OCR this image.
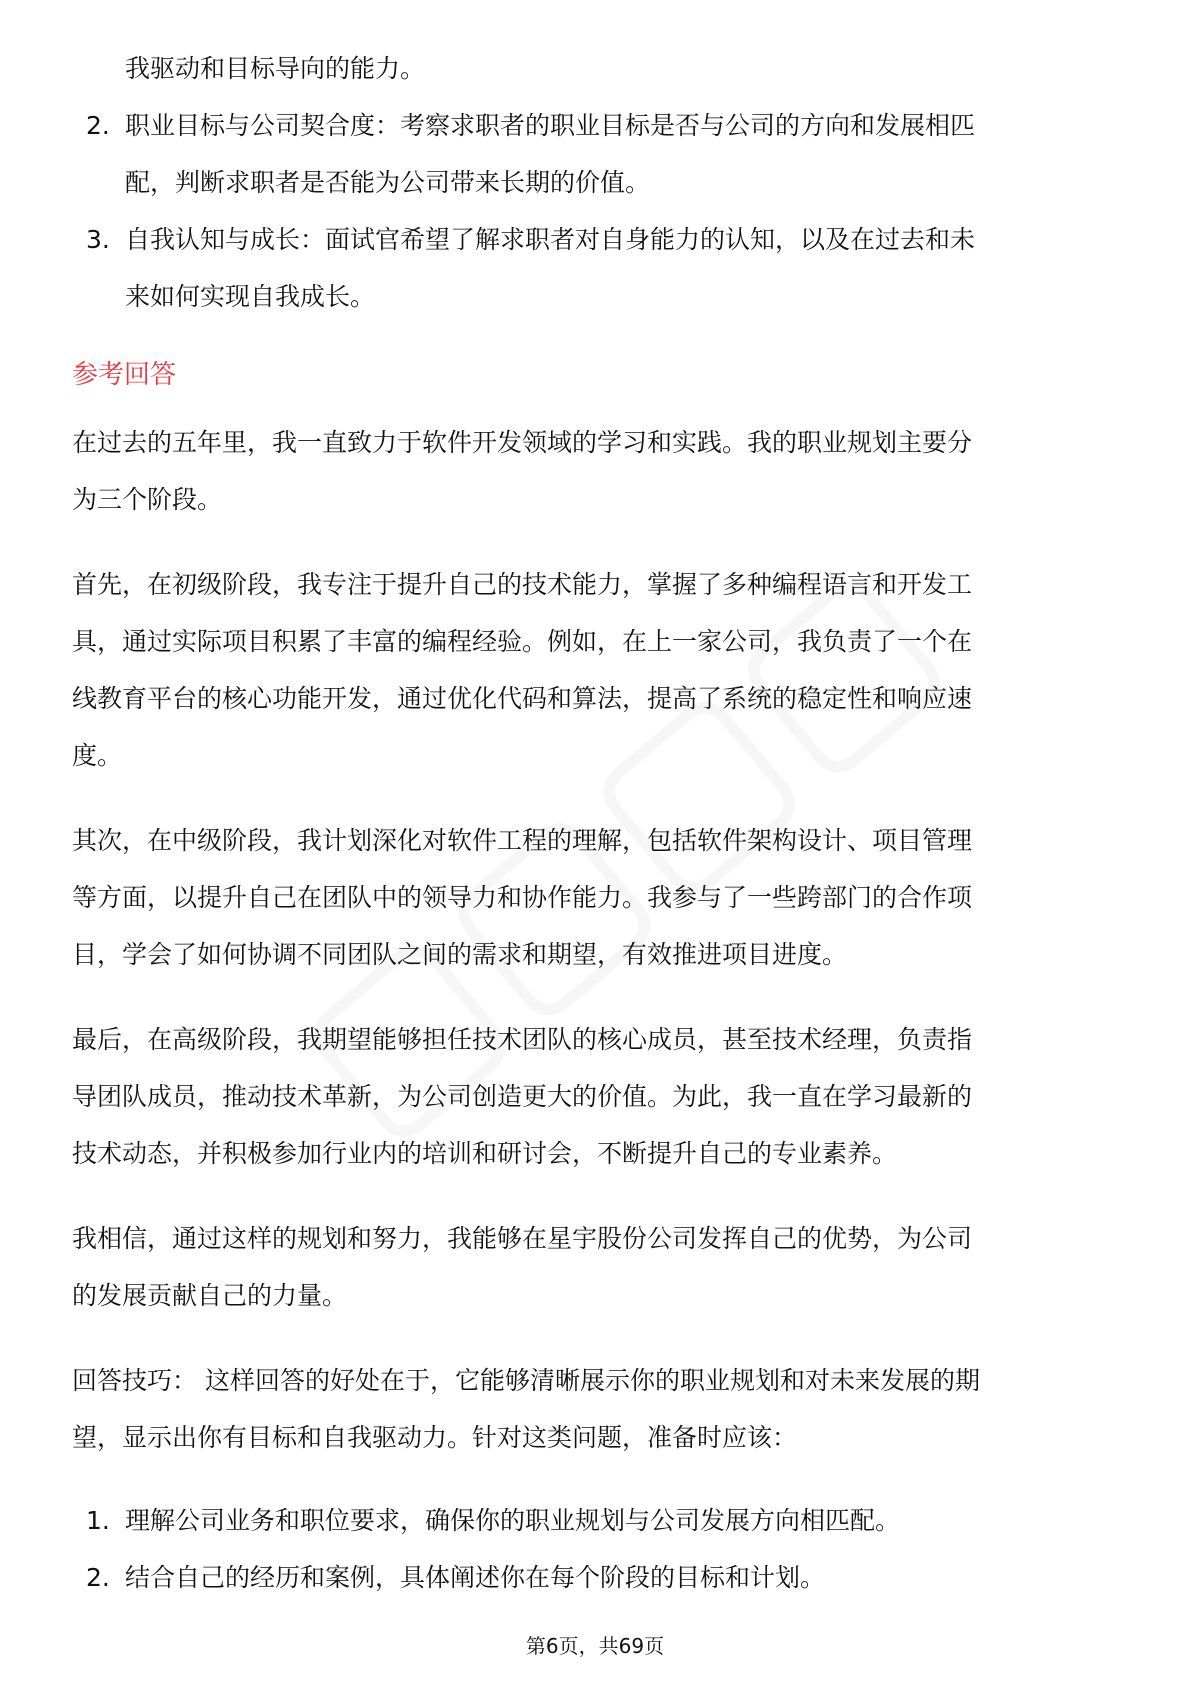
我驱动和目标导向的能力。

2. 职业目标与公司契合度：考察求职者的职业目标是否与公司的方向和发展相匹
配，判断求职者是否能为公司带来长期的价值。
3. 自我认知与成长：面试官希望了解求职者对自身能力的认知，以及在过去和未
来如何实现自我成长。
参考回答

在过去的五年里，我一直致力于软件开发领域的学习和实践。我的职业规划主要分

为三个阶段。

首先，在初级阶段，我专注于提升自己的技术能力，掌握了多种编程语言和开发工

具，通过实际项目积累了丰富的编程经验。例如，在上一家公司，我负责了一个在

线教育平台的核心功能开发，通过优化代码和算法，提高了系统的稳定性和响应速

度。

其次，在中级阶段，我计划深化对软件工程的理解，包括软件架构设计、项目管理

等方面，以提升自己在团队中的领导力和协作能力。我参与了一些跨部门的合作项

目，学会了如何协调不同团队之间的需求和期望，有效推进项目进度。

最后，在高级阶段，我期望能够担任技术团队的核心成员，甚至技术经理，负责指

导团队成员，推动技术革新，为公司创造更大的价值。为此，我一直在学习最新的

技术动态，并积极参加行业内的培训和研讨会，不断提升自己的专业素养。

我相信，通过这样的规划和努力，我能够在星宇股份公司发挥自己的优势，为公司

的发展贡献自己的力量。

回答技巧： 这样回答的好处在于，它能够清晰展示你的职业规划和对未来发展的期

望，显示出你有目标和自我驱动力。针对这类问题，准备时应该：

1. 理解公司业务和职位要求，确保你的职业规划与公司发展方向相匹配。
2. 结合自己的经历和案例，具体阐述你在每个阶段的目标和计划。
第6页，共69页
